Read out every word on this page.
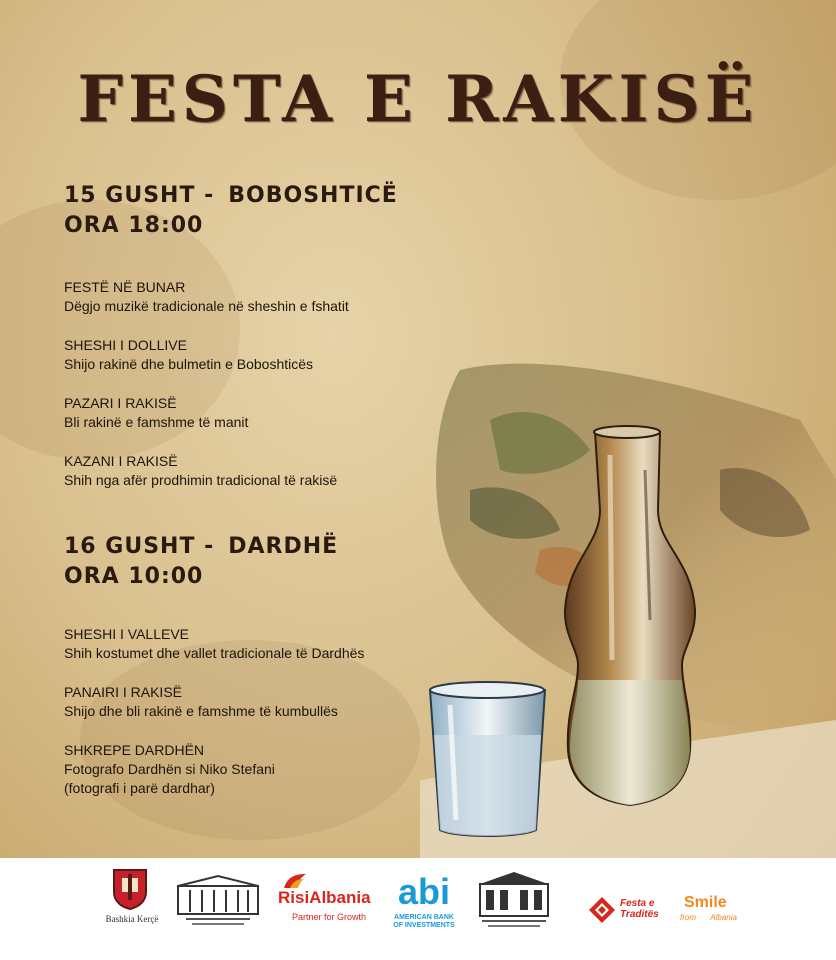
FESTA E RAKISË
15 GUSHT - BOBOSHTICË
ORA 18:00
FESTË NË BUNAR
Dëgjo muzikë tradicionale në sheshin e fshatit
SHESHI I DOLLIVE
Shijo rakinë dhe bulmetin e Boboshticës
PAZARI I RAKISË
Bli rakinë e famshme të manit
KAZANI I RAKISË
Shih nga afër prodhimin tradicional të rakisë
16 GUSHT - DARDHË
ORA 10:00
SHESHI I VALLEVE
Shih kostumet dhe vallet tradicionale të Dardhës
PANAIRI I RAKISË
Shijo dhe bli rakinë e famshme të kumbullës
SHKREPE DARDHËN
Fotografo Dardhën si Niko Stefani
(fotografi i parë dardhar)
Bashkia Kerçë
RisiAlbania
Partner for Growth
abi
AMERICAN BANK
OF INVESTMENTS
Festa e
Traditës
Smile
from Albania
